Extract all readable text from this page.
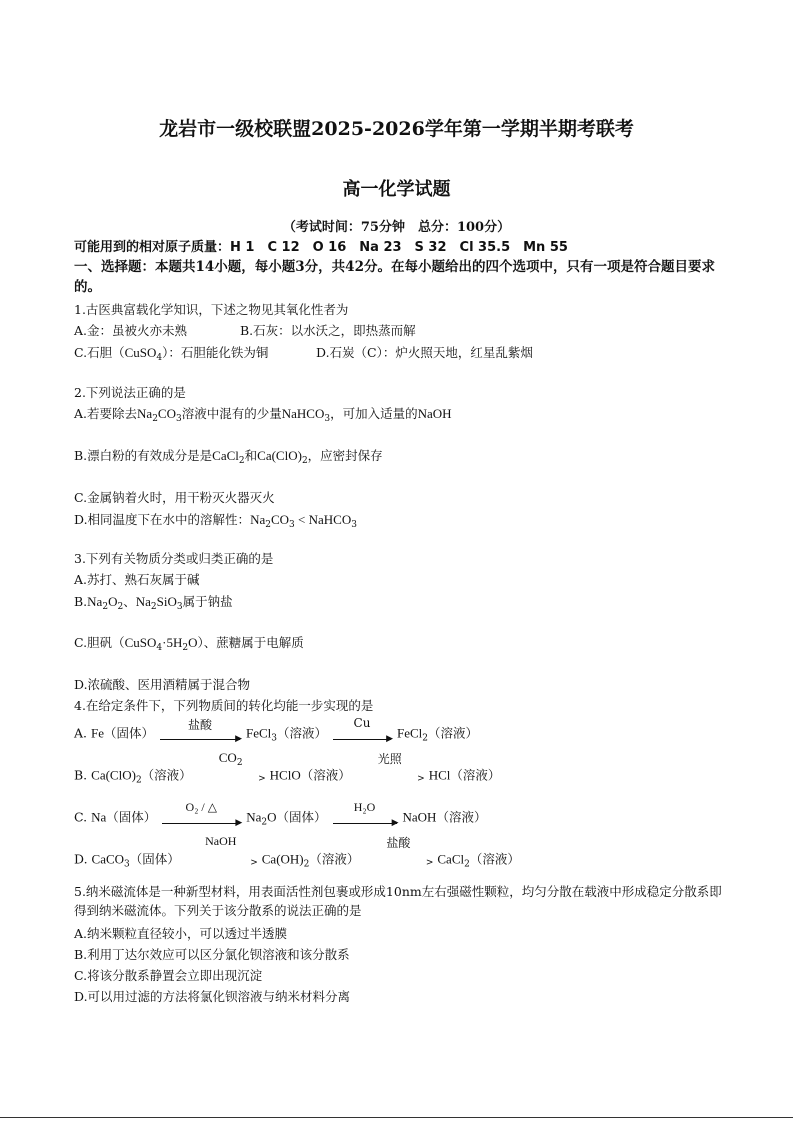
龙岩市一级校联盟2025-2026学年第一学期半期考联考
高一化学试题
（考试时间：75分钟　总分：100分）
可能用到的相对原子质量：H 1　C 12　O 16　Na 23　S 32　Cl 35.5　Mn 55
一、选择题：本题共14小题，每小题3分，共42分。在每小题给出的四个选项中，只有一项是符合题目要求的。
1.古医典富载化学知识，下述之物见其氧化性者为
A.金：虽被火亦未熟	B.石灰：以水沃之，即热蒸而解
C.石胆（CuSO$_4$）：石胆能化铁为铜	D.石炭（C）：炉火照天地，红星乱紫烟
2.下列说法正确的是
A.若要除去$Na_2CO_3$溶液中混有的少量NaHCO$_3$，可加入适量的NaOH
B.漂白粉的有效成分是是CaCl$_2$和$Ca(ClO)_2$，应密封保存
C.金属钠着火时，用干粉灭火器灭火
D.相同温度下在水中的溶解性：$Na_2CO_3$ < NaHCO$_3$
3.下列有关物质分类或归类正确的是
A.苏打、熟石灰属于碱
$B.Na_2O_2$、$Na_2SiO_3$属于钠盐
C.胆矾$(CuSO_4\cdot 5H_2O)$、蔗糖属于电解质
D.浓硫酸、医用酒精属于混合物
4.在给定条件下，下列物质间的转化均能一步实现的是
A. Fe（固体）
盐酸
▶ FeCl$_3$（溶液）
Cu
▶ FeCl$_2$（溶液）
B. $Ca(ClO)_2$（溶液）
$CO_2$
> HClO（溶液）
光照
> HCl（溶液）
C. Na（固体）
O₂ / △
▶ $Na_2O$（固体）
H₂O
▶ NaOH（溶液）
D. CaCO$_3$（固体）
NaOH
> $Ca(OH)_2$（溶液）
盐酸
> CaCl$_2$（溶液）
5.纳米磁流体是一种新型材料，用表面活性剂包裹或形成10nm左右强磁性颗粒，均匀分散在载液中形成稳定分散系即得到纳米磁流体。下列关于该分散系的说法正确的是
A.纳米颗粒直径较小，可以透过半透膜
B.利用丁达尔效应可以区分氯化钡溶液和该分散系
C.将该分散系静置会立即出现沉淀
D.可以用过滤的方法将氯化钡溶液与纳米材料分离
